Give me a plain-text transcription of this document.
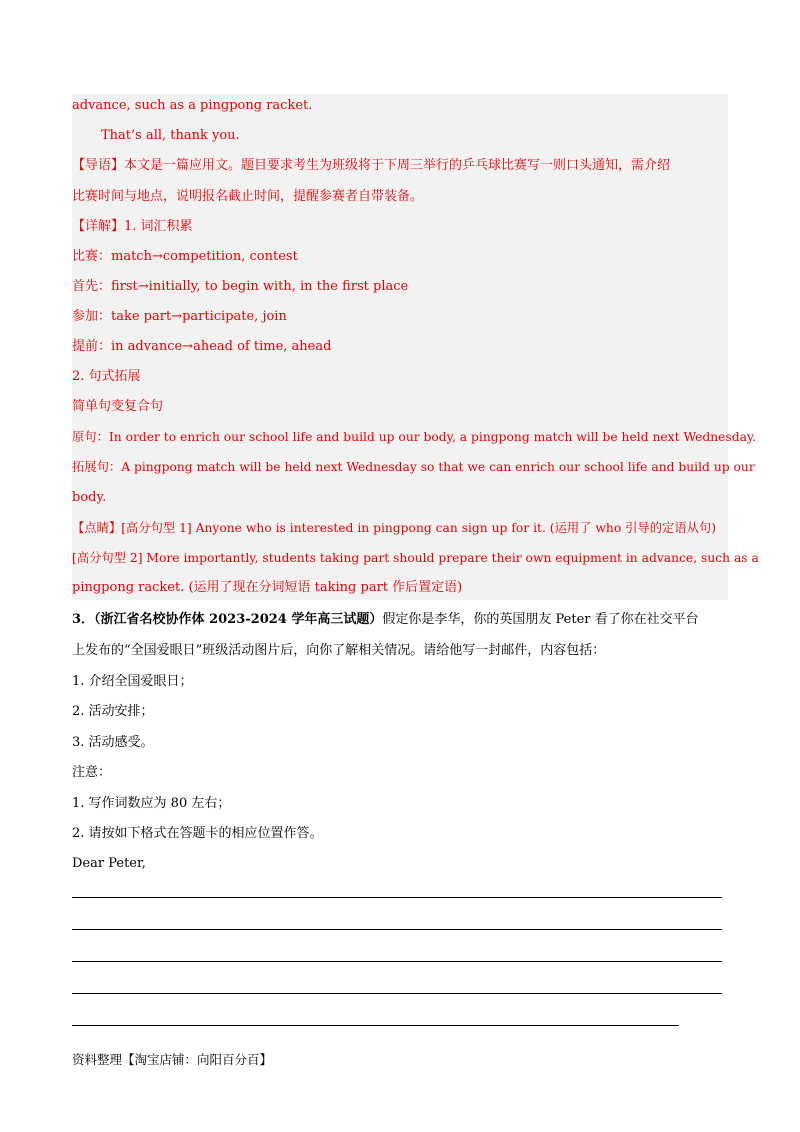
advance, such as a pingpong racket.
That’s all, thank you.
【导语】本文是一篇应用文。题目要求考生为班级将于下周三举行的乒乓球比赛写一则口头通知，需介绍
比赛时间与地点，说明报名截止时间，提醒参赛者自带装备。
【详解】1. 词汇积累
比赛：match→competition, contest
首先：first→initially, to begin with, in the first place
参加：take part→participate, join
提前：in advance→ahead of time, ahead
2. 句式拓展
简单句变复合句
原句：In order to enrich our school life and build up our body, a pingpong match will be held next Wednesday.
拓展句：A pingpong match will be held next Wednesday so that we can enrich our school life and build up our
body.
【点睛】[高分句型 1] Anyone who is interested in pingpong can sign up for it. (运用了 who 引导的定语从句)
[高分句型 2] More importantly, students taking part should prepare their own equipment in advance, such as a
pingpong racket. (运用了现在分词短语 taking part 作后置定语)
3．（浙江省名校协作体 2023-2024 学年高三试题）假定你是李华，你的英国朋友 Peter 看了你在社交平台
上发布的“全国爱眼日”班级活动图片后，向你了解相关情况。请给他写一封邮件，内容包括：
1. 介绍全国爱眼日；
2. 活动安排；
3. 活动感受。
注意：
1. 写作词数应为 80 左右；
2. 请按如下格式在答题卡的相应位置作答。
Dear Peter,
资料整理【淘宝店铺：向阳百分百】
